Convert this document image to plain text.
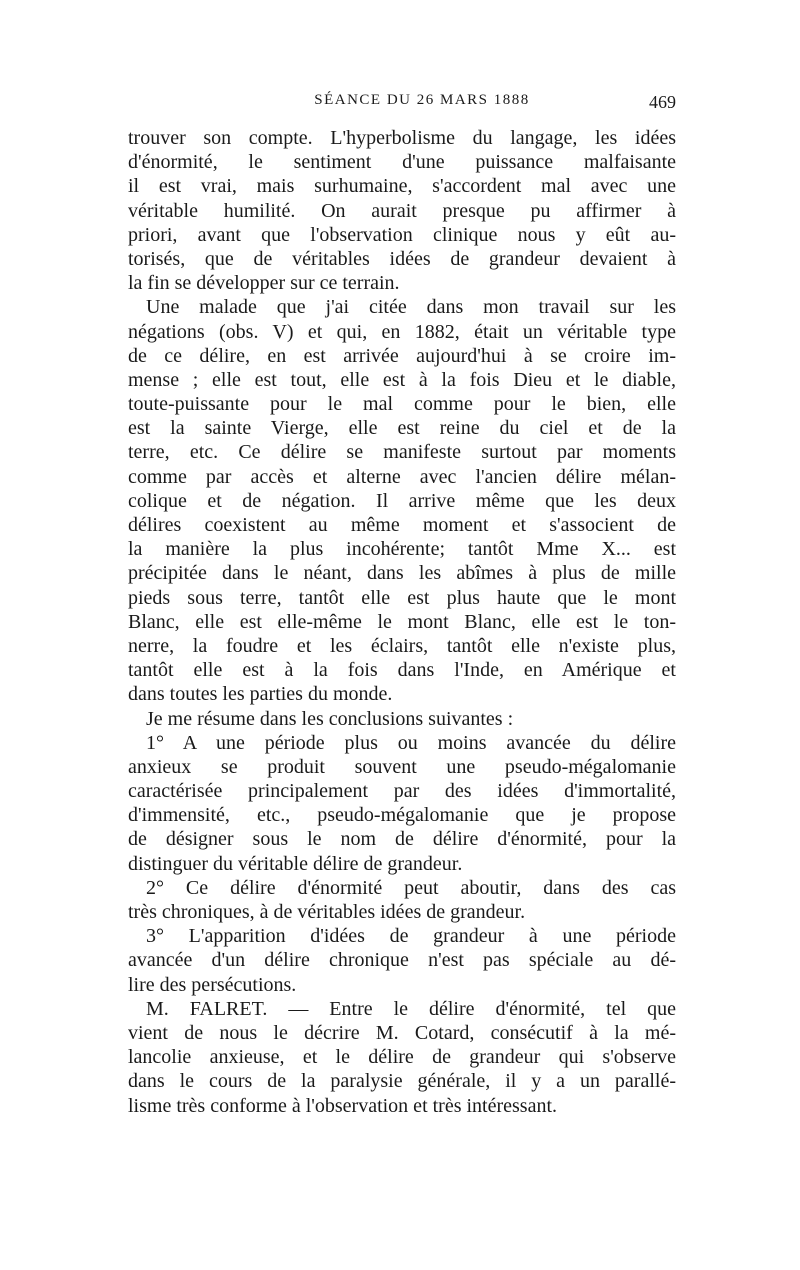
SÉANCE DU 26 MARS 1888	469
trouver son compte. L'hyperbolisme du langage, les idées
d'énormité, le sentiment d'une puissance malfaisante
il est vrai, mais surhumaine, s'accordent mal avec une
véritable humilité. On aurait presque pu affirmer à
priori, avant que l'observation clinique nous y eût au-
torisés, que de véritables idées de grandeur devaient à
la fin se développer sur ce terrain.
Une malade que j'ai citée dans mon travail sur les
négations (obs. V) et qui, en 1882, était un véritable type
de ce délire, en est arrivée aujourd'hui à se croire im-
mense ; elle est tout, elle est à la fois Dieu et le diable,
toute-puissante pour le mal comme pour le bien, elle
est la sainte Vierge, elle est reine du ciel et de la
terre, etc. Ce délire se manifeste surtout par moments
comme par accès et alterne avec l'ancien délire mélan-
colique et de négation. Il arrive même que les deux
délires coexistent au même moment et s'associent de
la manière la plus incohérente; tantôt Mme X... est
précipitée dans le néant, dans les abîmes à plus de mille
pieds sous terre, tantôt elle est plus haute que le mont
Blanc, elle est elle-même le mont Blanc, elle est le ton-
nerre, la foudre et les éclairs, tantôt elle n'existe plus,
tantôt elle est à la fois dans l'Inde, en Amérique et
dans toutes les parties du monde.
Je me résume dans les conclusions suivantes :
1° A une période plus ou moins avancée du délire
anxieux se produit souvent une pseudo-mégalomanie
caractérisée principalement par des idées d'immortalité,
d'immensité, etc., pseudo-mégalomanie que je propose
de désigner sous le nom de délire d'énormité, pour la
distinguer du véritable délire de grandeur.
2° Ce délire d'énormité peut aboutir, dans des cas
très chroniques, à de véritables idées de grandeur.
3° L'apparition d'idées de grandeur à une période
avancée d'un délire chronique n'est pas spéciale au dé-
lire des persécutions.
M. FALRET. — Entre le délire d'énormité, tel que
vient de nous le décrire M. Cotard, consécutif à la mé-
lancolie anxieuse, et le délire de grandeur qui s'observe
dans le cours de la paralysie générale, il y a un parallé-
lisme très conforme à l'observation et très intéressant.
